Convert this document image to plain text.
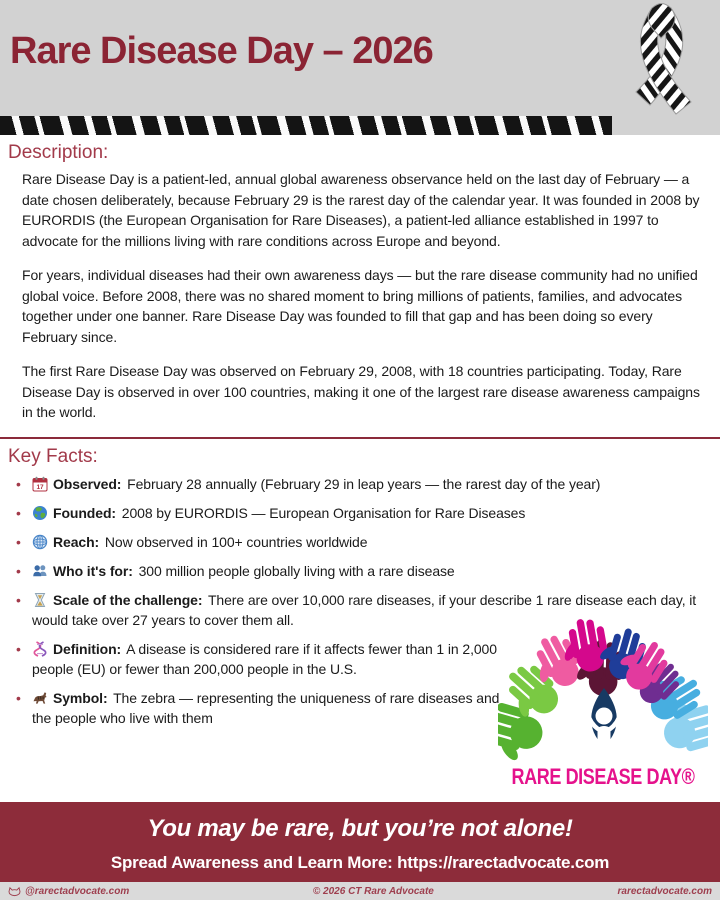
Rare Disease Day – 2026
Description:

Rare Disease Day is a patient-led, annual global awareness observance held on the last day of February — a date chosen deliberately, because February 29 is the rarest day of the calendar year. It was founded in 2008 by EURORDIS (the European Organisation for Rare Diseases), a patient-led alliance established in 1997 to advocate for the millions living with rare conditions across Europe and beyond.

For years, individual diseases had their own awareness days — but the rare disease community had no unified global voice. Before 2008, there was no shared moment to bring millions of patients, families, and advocates together under one banner. Rare Disease Day was founded to fill that gap and has been doing so every February since.

The first Rare Disease Day was observed on February 29, 2008, with 18 countries participating. Today, Rare Disease Day is observed in over 100 countries, making it one of the largest rare disease awareness campaigns in the world.

Key Facts:
• 17 Observed: February 28 annually (February 29 in leap years — the rarest day of the year)
• Founded: 2008 by EURORDIS — European Organisation for Rare Diseases
• Reach: Now observed in 100+ countries worldwide
• Who it's for: 300 million people globally living with a rare disease
• Scale of the challenge: There are over 10,000 rare diseases, if your describe 1 rare disease each day, it would take over 27 years to cover them all.
• Definition: A disease is considered rare if it affects fewer than 1 in 2,000 people (EU) or fewer than 200,000 people in the U.S.
• Symbol: The zebra — representing the uniqueness of rare diseases and the people who live with them
RARE DISEASE DAY®

You may be rare, but you’re not alone!

Spread Awareness and Learn More: https://rarectadvocate.com

@rarectadvocate.com	© 2026 CT Rare Advocate	rarectadvocate.com
